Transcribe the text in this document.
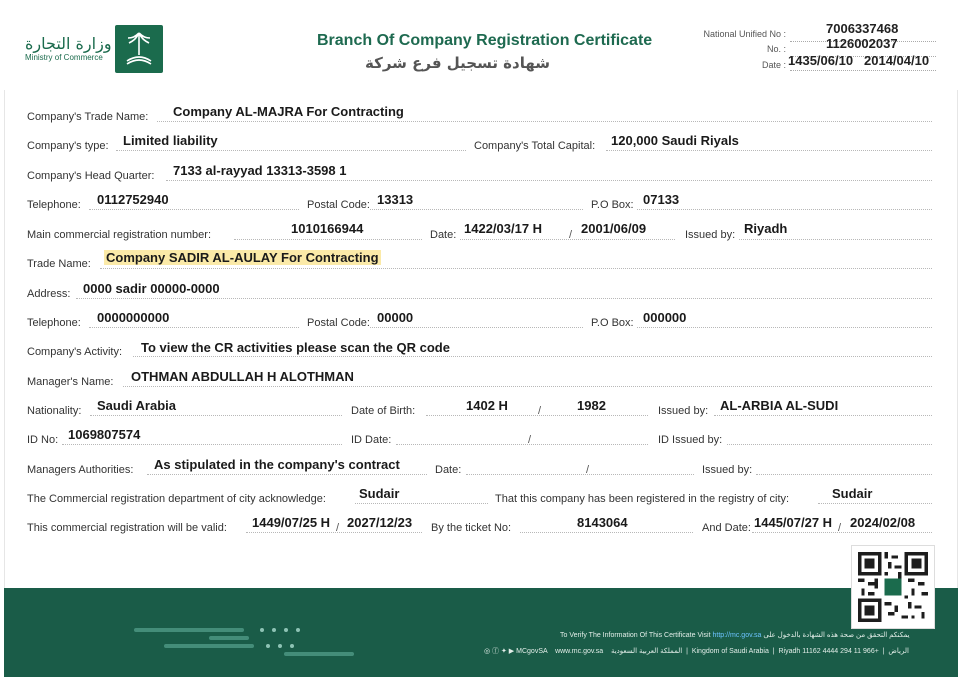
وزارة التجارة
Ministry of Commerce
Branch Of Company Registration Certificate
شهادة تسجيل فرع شركة
National Unified No :	7006337468
No. :	1126002037
Date : 1435/06/10 2014/04/10
Company's Trade Name: Company AL-MAJRA For Contracting
Company's type: Limited liability	Company's Total Capital: 120,000 Saudi Riyals
Company's Head Quarter: 7133 al-rayyad 13313-3598 1
Telephone: 0112752940	Postal Code: 13313	P.O Box: 07133
Main commercial registration number:	1010166944	Date: 1422/03/17 H / 2001/06/09	Issued by: Riyadh
Trade Name: Company SADIR AL-AULAY For Contracting
Address: 0000 sadir 00000-0000
Telephone: 0000000000	Postal Code: 00000	P.O Box: 000000
Company's Activity: To view the CR activities please scan the QR code
Manager's Name: OTHMAN ABDULLAH H ALOTHMAN
Nationality: Saudi Arabia	Date of Birth:	1402 H	/	1982	Issued by: AL-ARBIA AL-SUDI
ID No: 1069807574	ID Date:	/	ID Issued by:
Managers Authorities: As stipulated in the company's contract	Date:	/	Issued by:
The Commercial registration department of city acknowledge:	Sudair	That this company has been registered in the registry of city:	Sudair
This commercial registration will be valid: 1449/07/25 H / 2027/12/23 By the ticket No:	8143064	And Date: 1445/07/27 H / 2024/02/08
To Verify The Information Of This Certificate Visit http://mc.gov.sa يمكنكم التحقق من صحة هذه الشهادة بالدخول على
◎ ⓕ ✦ ▶ MCgovSA www.mc.gov.sa المملكة العربية السعودية  |  Kingdom of Saudi Arabia  |  Riyadh 11162	الرياض  |  +966 11 294 4444
